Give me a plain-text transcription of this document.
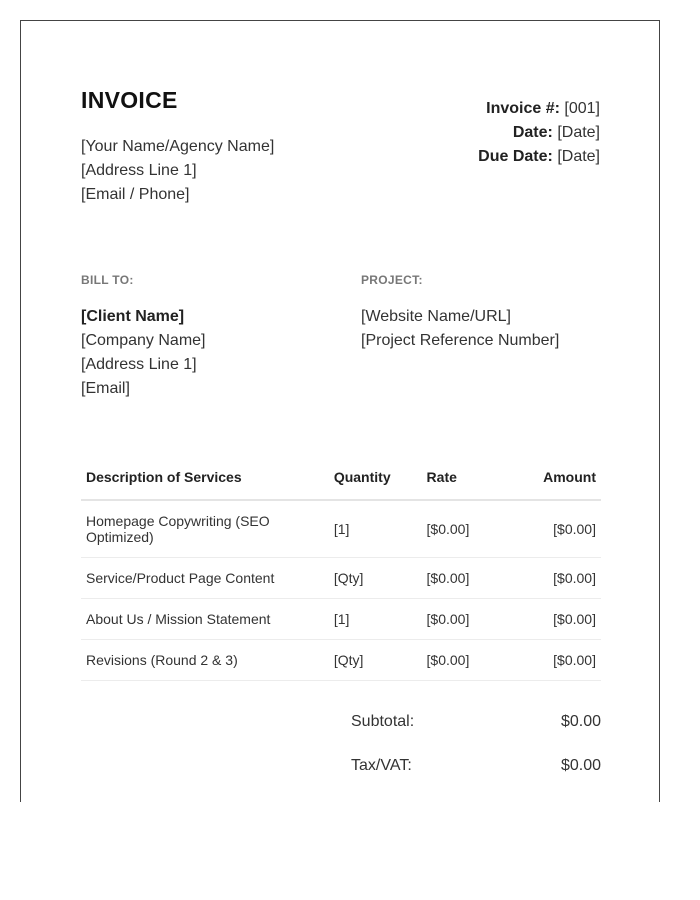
INVOICE
[Your Name/Agency Name]
[Address Line 1]
[Email / Phone]
Invoice #: [001]
Date: [Date]
Due Date: [Date]
BILL TO:	PROJECT:
[Client Name]
[Company Name]
[Address Line 1]
[Email]
[Website Name/URL]
[Project Reference Number]
Description of Services	Quantity	Rate	Amount
Homepage Copywriting (SEO Optimized)	[1]	[$0.00]	[$0.00]
Service/Product Page Content	[Qty]	[$0.00]	[$0.00]
About Us / Mission Statement	[1]	[$0.00]	[$0.00]
Revisions (Round 2 & 3)	[Qty]	[$0.00]	[$0.00]
Subtotal:	$0.00
Tax/VAT:	$0.00
